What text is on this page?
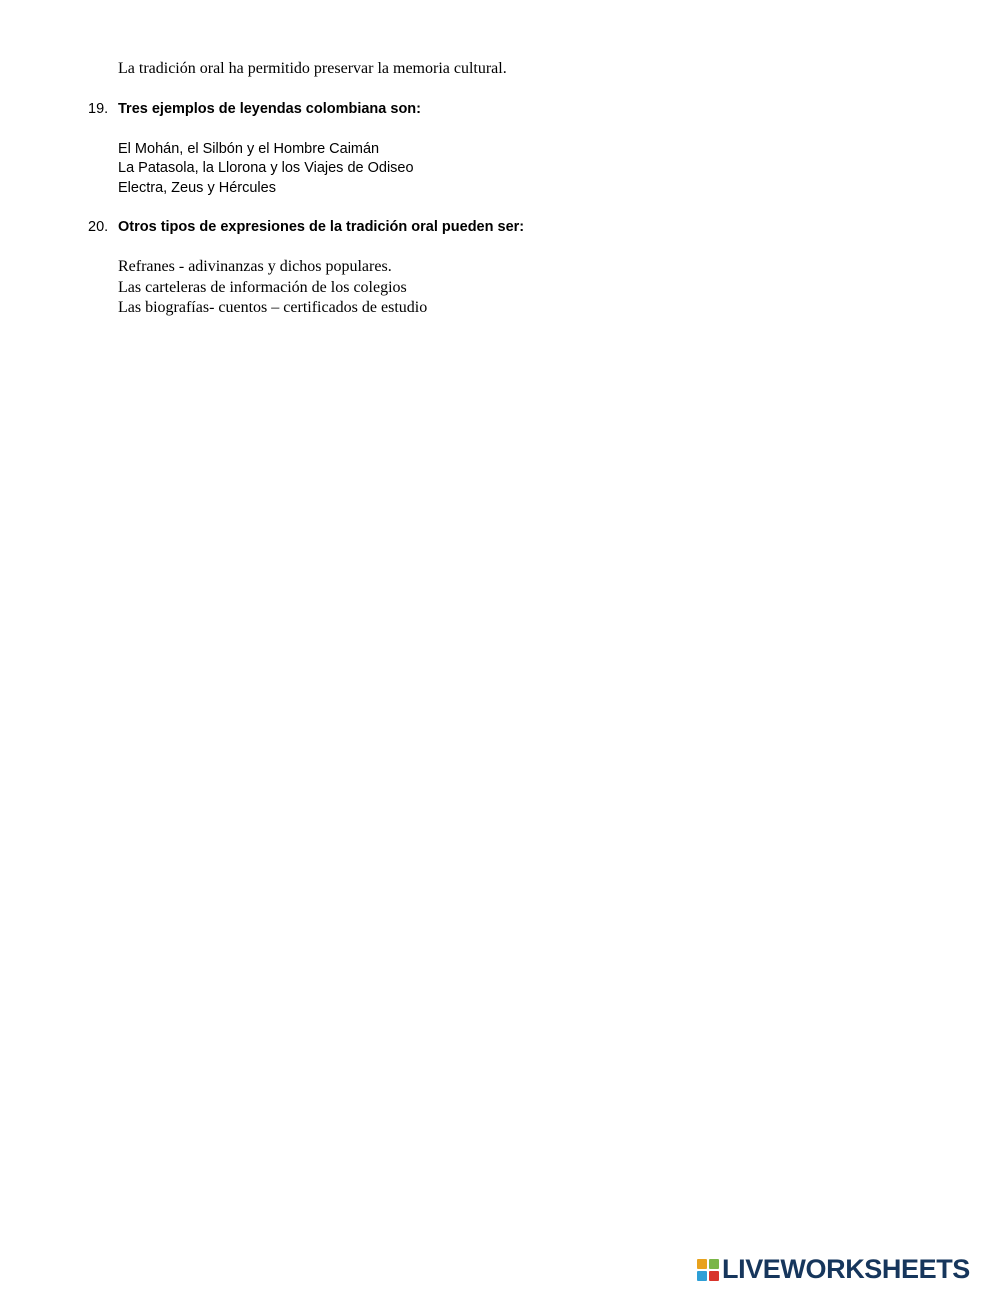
La tradición oral ha permitido preservar la memoria cultural.
19. Tres ejemplos de leyendas colombiana son:
El Mohán, el Silbón y el Hombre Caimán
La Patasola, la Llorona y los Viajes de Odiseo
Electra, Zeus y Hércules
20. Otros tipos de expresiones de la tradición oral pueden ser:
Refranes - adivinanzas y dichos populares.
Las carteleras de información de los colegios
Las biografías- cuentos – certificados de estudio
LIVEWORKSHEETS
